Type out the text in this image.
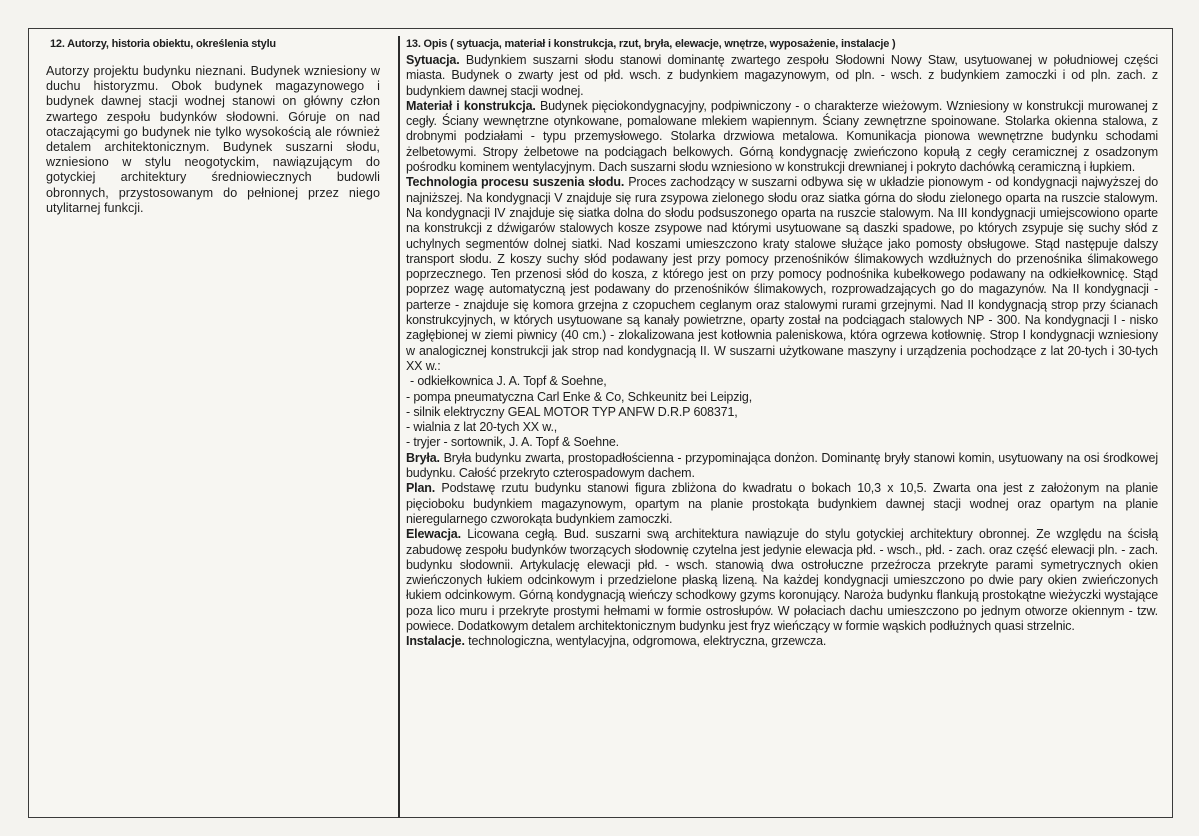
12. Autorzy, historia obiektu, określenia stylu
Autorzy projektu budynku nieznani. Budynek wzniesiony w duchu historyzmu. Obok budynek magazynowego i budynek dawnej stacji wodnej stanowi on główny człon zwartego zespołu budynków słodowni. Góruje on nad otaczającymi go budynek nie tylko wysokością ale również detalem architektonicznym. Budynek suszarni słodu, wzniesiono w stylu neogotyckim, nawiązującym do gotyckiej architektury średniowiecznych budowli obronnych, przystosowanym do pełnionej przez niego utylitarnej funkcji.
13. Opis ( sytuacja, materiał i konstrukcja, rzut, bryła, elewacje, wnętrze, wyposażenie, instalacje )

Sytuacja. Budynkiem suszarni słodu stanowi dominantę zwartego zespołu Słodowni Nowy Staw, usytuowanej w południowej części miasta. Budynek o zwarty jest od płd. wsch. z budynkiem magazynowym, od pln. - wsch. z budynkiem zamoczki i od pln. zach. z budynkiem dawnej stacji wodnej.

Materiał i konstrukcja. Budynek pięciokondygnacyjny, podpiwniczony - o charakterze wieżowym. Wzniesiony w konstrukcji murowanej z cegły. Ściany wewnętrzne otynkowane, pomalowane mlekiem wapiennym. Ściany zewnętrzne spoinowane. Stolarka okienna stalowa, z drobnymi podziałami - typu przemysłowego. Stolarka drzwiowa metalowa. Komunikacja pionowa wewnętrzne budynku schodami żelbetowymi. Stropy żelbetowe na podciągach belkowych. Górną kondygnację zwieńczono kopułą z cegły ceramicznej z osadzonym pośrodku kominem wentylacyjnym. Dach suszarni słodu wzniesiono w konstrukcji drewnianej i pokryto dachówką ceramiczną i łupkiem.

Technologia procesu suszenia słodu. Proces zachodzący w suszarni odbywa się w układzie pionowym - od kondygnacji najwyższej do najniższej. Na kondygnacji V znajduje się rura zsypowa zielonego słodu oraz siatka górna do słodu zielonego oparta na ruszcie stalowym. Na kondygnacji IV znajduje się siatka dolna do słodu podsuszonego oparta na ruszcie stalowym. Na III kondygnacji umiejscowiono oparte na konstrukcji z dźwigarów stalowych kosze zsypowe nad którymi usytuowane są daszki spadowe, po których zsypuje się suchy słód z uchylnych segmentów dolnej siatki. Nad koszami umieszczono kraty stalowe służące jako pomosty obsługowe. Stąd następuje dalszy transport słodu. Z koszy suchy słód podawany jest przy pomocy przenośników ślimakowych wzdłużnych do przenośnika ślimakowego poprzecznego. Ten przenosi słód do kosza, z którego jest on przy pomocy podnośnika kubełkowego podawany na odkiełkownicę. Stąd poprzez wagę automatyczną jest podawany do przenośników ślimakowych, rozprowadzających go do magazynów. Na II kondygnacji - parterze - znajduje się komora grzejna z czopuchem ceglanym oraz stalowymi rurami grzejnymi. Nad II kondygnacją strop przy ścianach konstrukcyjnych, w których usytuowane są kanały powietrzne, oparty został na podciągach stalowych NP - 300. Na kondygnacji I - nisko zagłębionej w ziemi piwnicy (40 cm.) - zlokalizowana jest kotłownia paleniskowa, która ogrzewa kotłownię. Strop I kondygnacji wzniesiony w analogicznej konstrukcji jak strop nad kondygnacją II. W suszarni użytkowane maszyny i urządzenia pochodzące z lat 20-tych i 30-tych XX w.:

- odkiełkownica J. A. Topf & Soehne,

- pompa pneumatyczna Carl Enke & Co, Schkeunitz bei Leipzig,

- silnik elektryczny GEAL MOTOR TYP ANFW D.R.P 608371,

- wialnia z lat 20-tych XX w.,

- tryjer - sortownik, J. A. Topf & Soehne.

Bryła. Bryła budynku zwarta, prostopadłościenna - przypominająca donżon. Dominantę bryły stanowi komin, usytuowany na osi środkowej budynku. Całość przekryto czterospadowym dachem.

Plan. Podstawę rzutu budynku stanowi figura zbliżona do kwadratu o bokach 10,3 x 10,5. Zwarta ona jest z założonym na planie pięcioboku budynkiem magazynowym, opartym na planie prostokąta budynkiem dawnej stacji wodnej oraz opartym na planie nieregularnego czworokąta budynkiem zamoczki.

Elewacja. Licowana cegłą. Bud. suszarni swą architektura nawiązuje do stylu gotyckiej architektury obronnej. Ze względu na ścisłą zabudowę zespołu budynków tworzących słodownię czytelna jest jedynie elewacja płd. - wsch., płd. - zach. oraz część elewacji pln. - zach. budynku słodownii. Artykulację elewacji płd. - wsch. stanowią dwa ostrołuczne przeźrocza przekryte parami symetrycznych okien zwieńczonych łukiem odcinkowym i przedzielone płaską lizeną. Na każdej kondygnacji umieszczono po dwie pary okien zwieńczonych łukiem odcinkowym. Górną kondygnacją wieńczy schodkowy gzyms koronujący. Naroża budynku flankują prostokątne wieżyczki wystające poza lico muru i przekryte prostymi hełmami w formie ostrosłupów. W połaciach dachu umieszczono po jednym otworze okiennym - tzw. powiece. Dodatkowym detalem architektonicznym budynku jest fryz wieńczący w formie wąskich podłużnych quasi strzelnic.

Instalacje. technologiczna, wentylacyjna, odgromowa, elektryczna, grzewcza.
